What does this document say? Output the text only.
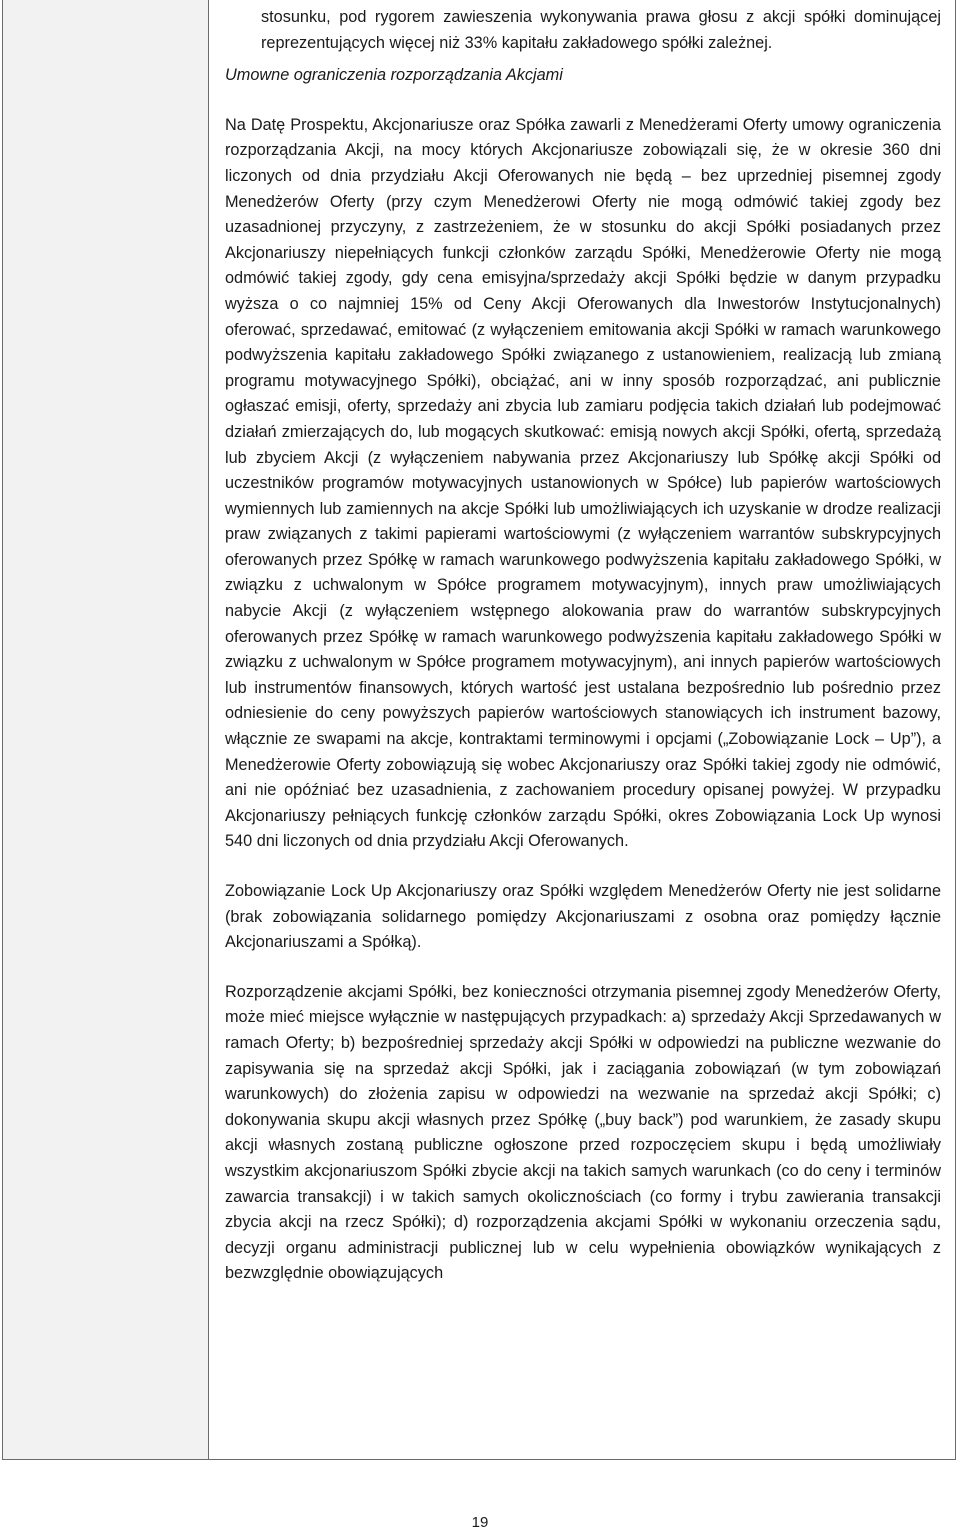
stosunku, pod rygorem zawieszenia wykonywania prawa głosu z akcji spółki dominującej reprezentujących więcej niż 33% kapitału zakładowego spółki zależnej.

Umowne ograniczenia rozporządzania Akcjami

Na Datę Prospektu, Akcjonariusze oraz Spółka zawarli z Menedżerami Oferty umowy ograniczenia rozporządzania Akcji, na mocy których Akcjonariusze zobowiązali się, że w okresie 360 dni liczonych od dnia przydziału Akcji Oferowanych nie będą – bez uprzedniej pisemnej zgody Menedżerów Oferty (przy czym Menedżerowi Oferty nie mogą odmówić takiej zgody bez uzasadnionej przyczyny, z zastrzeżeniem, że w stosunku do akcji Spółki posiadanych przez Akcjonariuszy niepełniących funkcji członków zarządu Spółki, Menedżerowie Oferty nie mogą odmówić takiej zgody, gdy cena emisyjna/sprzedaży akcji Spółki będzie w danym przypadku wyższa o co najmniej 15% od Ceny Akcji Oferowanych dla Inwestorów Instytucjonalnych) oferować, sprzedawać, emitować (z wyłączeniem emitowania akcji Spółki w ramach warunkowego podwyższenia kapitału zakładowego Spółki związanego z ustanowieniem, realizacją lub zmianą programu motywacyjnego Spółki), obciążać, ani w inny sposób rozporządzać, ani publicznie ogłaszać emisji, oferty, sprzedaży ani zbycia lub zamiaru podjęcia takich działań lub podejmować działań zmierzających do, lub mogących skutkować: emisją nowych akcji Spółki, ofertą, sprzedażą lub zbyciem Akcji (z wyłączeniem nabywania przez Akcjonariuszy lub Spółkę akcji Spółki od uczestników programów motywacyjnych ustanowionych w Spółce) lub papierów wartościowych wymiennych lub zamiennych na akcje Spółki lub umożliwiających ich uzyskanie w drodze realizacji praw związanych z takimi papierami wartościowymi (z wyłączeniem warrantów subskrypcyjnych oferowanych przez Spółkę w ramach warunkowego podwyższenia kapitału zakładowego Spółki, w związku z uchwalonym w Spółce programem motywacyjnym), innych praw umożliwiających nabycie Akcji (z wyłączeniem wstępnego alokowania praw do warrantów subskrypcyjnych oferowanych przez Spółkę w ramach warunkowego podwyższenia kapitału zakładowego Spółki w związku z uchwalonym w Spółce programem motywacyjnym), ani innych papierów wartościowych lub instrumentów finansowych, których wartość jest ustalana bezpośrednio lub pośrednio przez odniesienie do ceny powyższych papierów wartościowych stanowiących ich instrument bazowy, włącznie ze swapami na akcje, kontraktami terminowymi i opcjami („Zobowiązanie Lock – Up”), a Menedżerowie Oferty zobowiązują się wobec Akcjonariuszy oraz Spółki takiej zgody nie odmówić, ani nie opóźniać bez uzasadnienia, z zachowaniem procedury opisanej powyżej. W przypadku Akcjonariuszy pełniących funkcję członków zarządu Spółki, okres Zobowiązania Lock Up wynosi 540 dni liczonych od dnia przydziału Akcji Oferowanych.

Zobowiązanie Lock Up Akcjonariuszy oraz Spółki względem Menedżerów Oferty nie jest solidarne (brak zobowiązania solidarnego pomiędzy Akcjonariuszami z osobna oraz pomiędzy łącznie Akcjonariuszami a Spółką).

Rozporządzenie akcjami Spółki, bez konieczności otrzymania pisemnej zgody Menedżerów Oferty, może mieć miejsce wyłącznie w następujących przypadkach: a) sprzedaży Akcji Sprzedawanych w ramach Oferty; b) bezpośredniej sprzedaży akcji Spółki w odpowiedzi na publiczne wezwanie do zapisywania się na sprzedaż akcji Spółki, jak i zaciągania zobowiązań (w tym zobowiązań warunkowych) do złożenia zapisu w odpowiedzi na wezwanie na sprzedaż akcji Spółki; c) dokonywania skupu akcji własnych przez Spółkę („buy back”) pod warunkiem, że zasady skupu akcji własnych zostaną publiczne ogłoszone przed rozpoczęciem skupu i będą umożliwiały wszystkim akcjonariuszom Spółki zbycie akcji na takich samych warunkach (co do ceny i terminów zawarcia transakcji) i w takich samych okolicznościach (co formy i trybu zawierania transakcji zbycia akcji na rzecz Spółki); d) rozporządzenia akcjami Spółki w wykonaniu orzeczenia sądu, decyzji organu administracji publicznej lub w celu wypełnienia obowiązków wynikających z bezwzględnie obowiązujących

19
